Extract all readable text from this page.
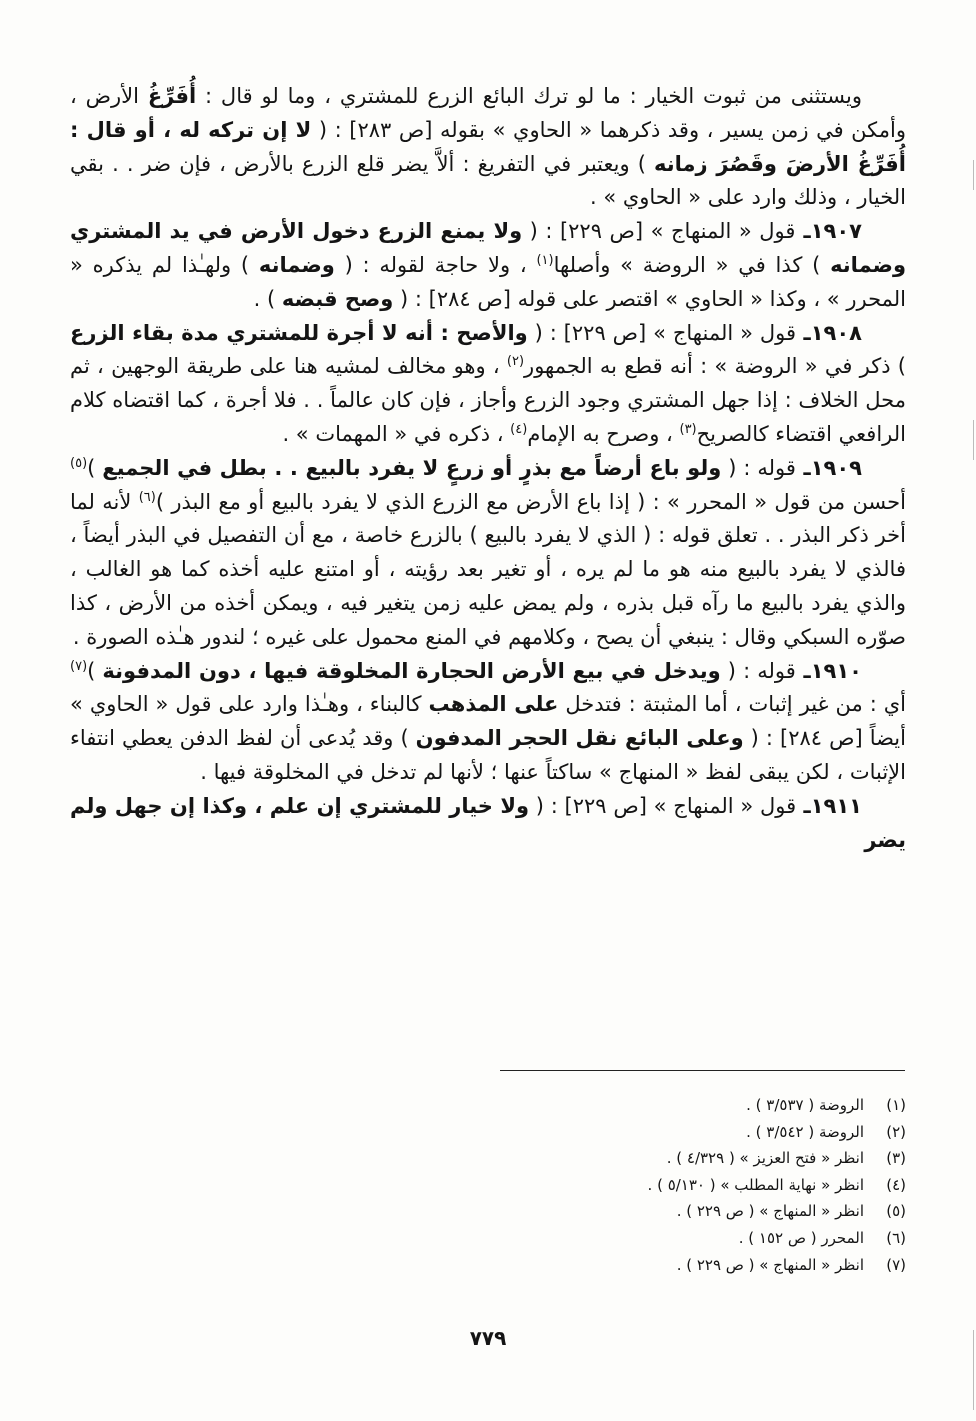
ويستثنى من ثبوت الخيار : ما لو ترك البائع الزرع للمشتري ، وما لو قال : أُفَرِّغُ الأرض ، وأمكن في زمن يسير ، وقد ذكرهما « الحاوي » بقوله [ص ٢٨٣] : ( لا إن تركه له ، أو قال : أُفَرِّغُ الأرضَ وقَصُرَ زمانه ) ويعتبر في التفريغ : ألاَّ يضر قلع الزرع بالأرض ، فإن ضر . . بقي الخيار ، وذلك وارد على « الحاوي » .

١٩٠٧ـ قول « المنهاج » [ص ٢٢٩] : ( ولا يمنع الزرع دخول الأرض في يد المشتري وضمانه ) كذا في « الروضة » وأصلها$^{(١)}$ ، ولا حاجة لقوله : ( وضمانه ) ولهـٰذا لم يذكره « المحرر » ، وكذا « الحاوي » اقتصر على قوله [ص ٢٨٤] : ( وصح قبضه ) .

١٩٠٨ـ قول « المنهاج » [ص ٢٢٩] : ( والأصح : أنه لا أجرة للمشتري مدة بقاء الزرع ) ذكر في « الروضة » : أنه قطع به الجمهور$^{(٢)}$ ، وهو مخالف لمشيه هنا على طريقة الوجهين ، ثم محل الخلاف : إذا جهل المشتري وجود الزرع وأجاز ، فإن كان عالماً . . فلا أجرة ، كما اقتضاه كلام الرافعي اقتضاء كالصريح$^{(٣)}$ ، وصرح به الإمام$^{(٤)}$ ، ذكره في « المهمات » .

١٩٠٩ـ قوله : ( ولو باع أرضاً مع بذرٍ أو زرعٍ لا يفرد بالبيع . . بطل في الجميع )$^{(٥)}$ أحسن من قول « المحرر » : ( إذا باع الأرض مع الزرع الذي لا يفرد بالبيع أو مع البذر )$^{(٦)}$ لأنه لما أخر ذكر البذر . . تعلق قوله : ( الذي لا يفرد بالبيع ) بالزرع خاصة ، مع أن التفصيل في البذر أيضاً ، فالذي لا يفرد بالبيع منه هو ما لم يره ، أو تغير بعد رؤيته ، أو امتنع عليه أخذه كما هو الغالب ، والذي يفرد بالبيع ما رآه قبل بذره ، ولم يمض عليه زمن يتغير فيه ، ويمكن أخذه من الأرض ، كذا صوّره السبكي وقال : ينبغي أن يصح ، وكلامهم في المنع محمول على غيره ؛ لندور هـٰذه الصورة .

١٩١٠ـ قوله : ( ويدخل في بيع الأرض الحجارة المخلوقة فيها ، دون المدفونة )$^{(٧)}$ أي : من غير إثبات ، أما المثبتة : فتدخل على المذهب كالبناء ، وهـٰذا وارد على قول « الحاوي » أيضاً [ص ٢٨٤] : ( وعلى البائع نقل الحجر المدفون ) وقد يُدعى أن لفظ الدفن يعطي انتفاء الإثبات ، لكن يبقى لفظ « المنهاج » ساكتاً عنها ؛ لأنها لم تدخل في المخلوقة فيها .

١٩١١ـ قول « المنهاج » [ص ٢٢٩] : ( ولا خيار للمشتري إن علم ، وكذا إن جهل ولم يضر

(١)الروضة ( ٣/٥٣٧ ) .
(٢)الروضة ( ٣/٥٤٢ ) .
(٣)انظر « فتح العزيز » ( ٤/٣٢٩ ) .
(٤)انظر « نهاية المطلب » ( ٥/١٣٠ ) .
(٥)انظر « المنهاج » ( ص ٢٢٩ ) .
(٦)المحرر ( ص ١٥٢ ) .
(٧)انظر « المنهاج » ( ص ٢٢٩ ) .
٧٧٩
